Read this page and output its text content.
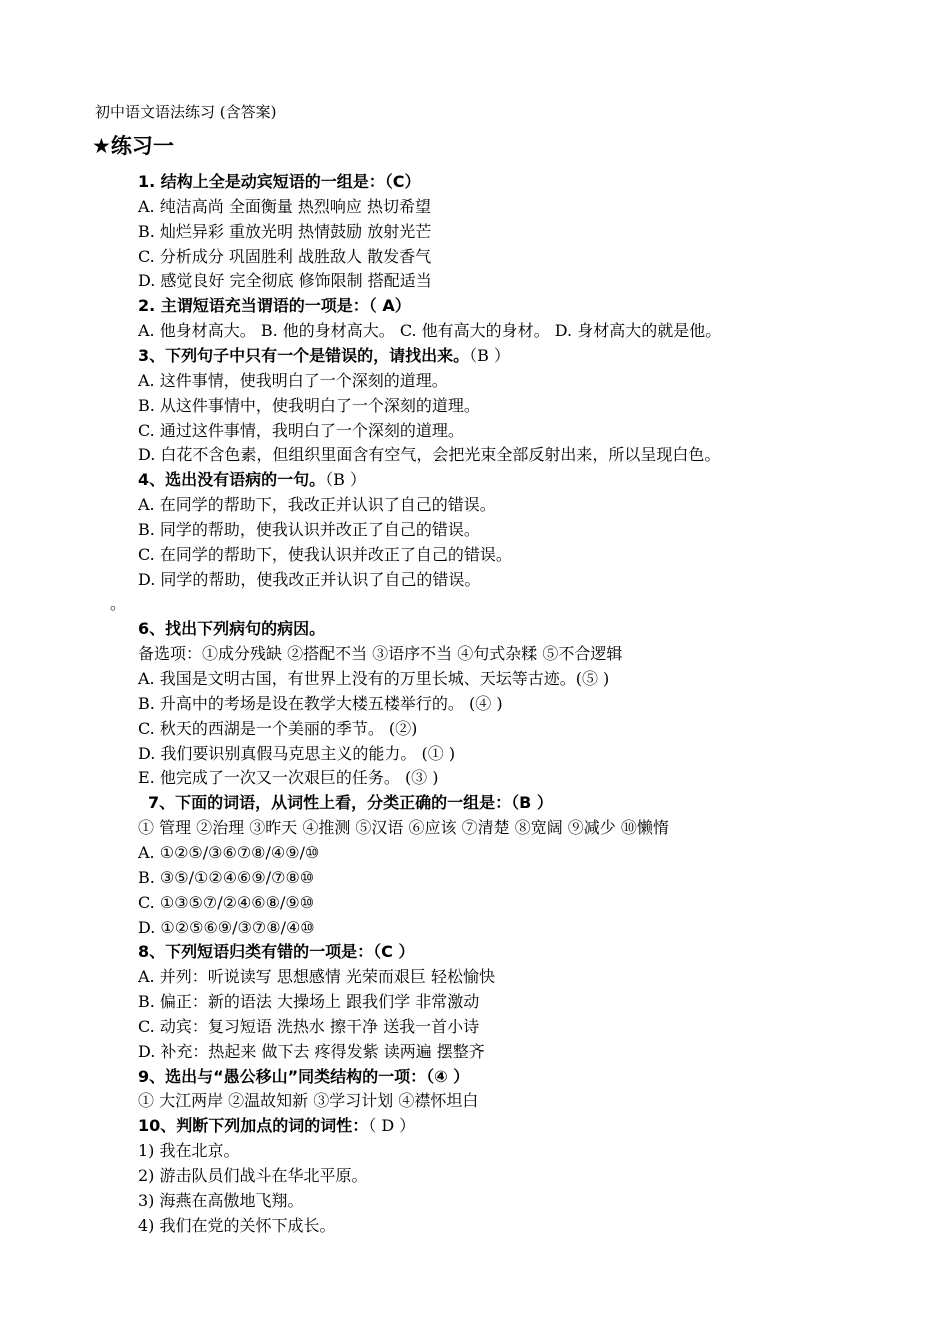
初中语文语法练习 (含答案)
★练习一
1. 结构上全是动宾短语的一组是：（C）
A. 纯洁高尚 全面衡量 热烈响应 热切希望
B. 灿烂异彩 重放光明 热情鼓励 放射光芒
C. 分析成分 巩固胜利 战胜敌人 散发香气
D. 感觉良好 完全彻底 修饰限制 搭配适当
2. 主谓短语充当谓语的一项是：（ A）
A. 他身材高大。 B. 他的身材高大。 C. 他有高大的身材。 D. 身材高大的就是他。
3、下列句子中只有一个是错误的，请找出来。（B ）
A. 这件事情，使我明白了一个深刻的道理。
B. 从这件事情中，使我明白了一个深刻的道理。
C. 通过这件事情，我明白了一个深刻的道理。
D. 白花不含色素，但组织里面含有空气，会把光束全部反射出来，所以呈现白色。
4、选出没有语病的一句。（B ）
A. 在同学的帮助下，我改正并认识了自己的错误。
B. 同学的帮助，使我认识并改正了自己的错误。
C. 在同学的帮助下，使我认识并改正了自己的错误。
D. 同学的帮助，使我改正并认识了自己的错误。
。
6、找出下列病句的病因。
备选项：①成分残缺 ②搭配不当 ③语序不当 ④句式杂糅 ⑤不合逻辑
A. 我国是文明古国，有世界上没有的万里长城、天坛等古迹。(⑤ )
B. 升高中的考场是设在教学大楼五楼举行的。 (④ )
C. 秋天的西湖是一个美丽的季节。 (②)
D. 我们要识别真假马克思主义的能力。 (① )
E. 他完成了一次又一次艰巨的任务。 (③ )
7、下面的词语，从词性上看，分类正确的一组是：（B ）
① 管理 ②治理 ③昨天 ④推测 ⑤汉语 ⑥应该 ⑦清楚 ⑧宽阔 ⑨减少 ⑩懒惰
A. ①②⑤/③⑥⑦⑧/④⑨/⑩
B. ③⑤/①②④⑥⑨/⑦⑧⑩
C. ①③⑤⑦/②④⑥⑧/⑨⑩
D. ①②⑤⑥⑨/③⑦⑧/④⑩
8、下列短语归类有错的一项是：（C ）
A. 并列：听说读写 思想感情 光荣而艰巨 轻松愉快
B. 偏正：新的语法 大操场上 跟我们学 非常激动
C. 动宾：复习短语 洗热水 擦干净 送我一首小诗
D. 补充：热起来 做下去 疼得发紫 读两遍 摆整齐
9、选出与“愚公移山”同类结构的一项：（④ ）
① 大江两岸 ②温故知新 ③学习计划 ④襟怀坦白
10、判断下列加点的词的词性：（ D ）
1) 我在北京。
2) 游击队员们战斗在华北平原。
3) 海燕在高傲地飞翔。
4) 我们在党的关怀下成长。
